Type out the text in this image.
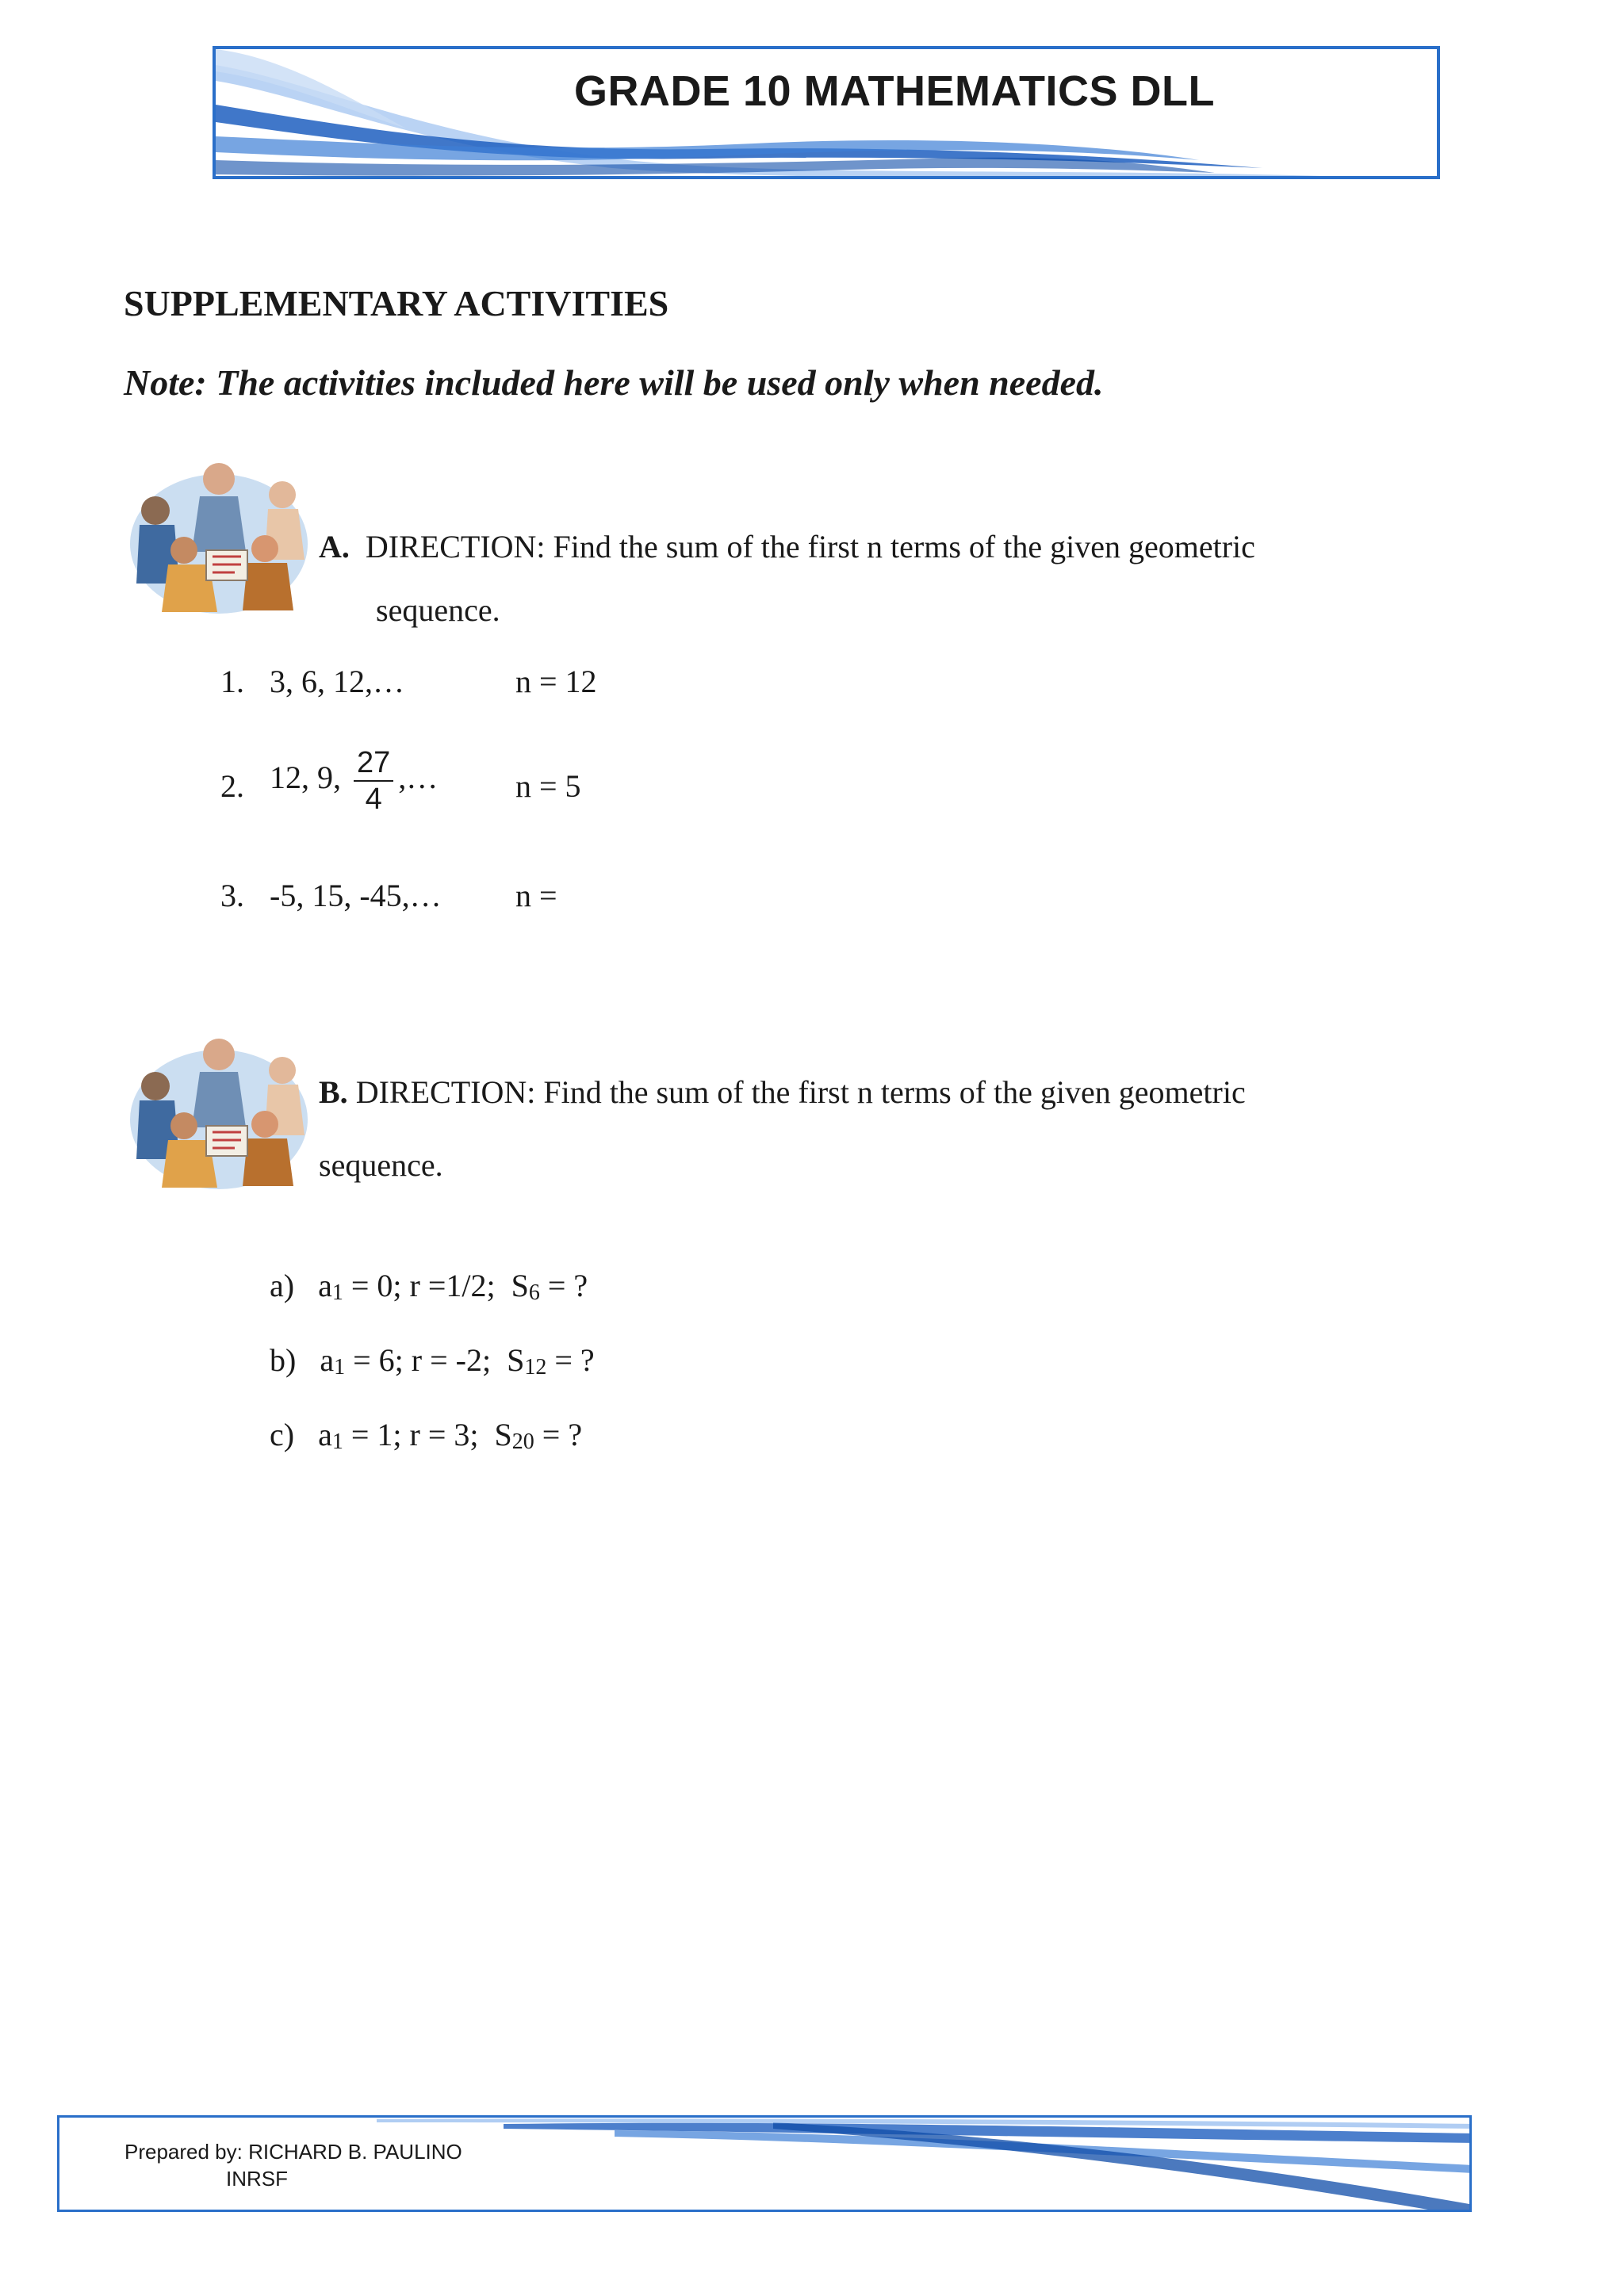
GRADE 10 MATHEMATICS DLL
SUPPLEMENTARY ACTIVITIES
Note: The activities included here will be used only when needed.
A. DIRECTION: Find the sum of the first n terms of the given geometric
sequence.
1. 3, 6, 12,…	n = 12
2. 12, 9, $\frac{27}{4}$ ,… n = 5
3. -5, 15, -45,… n =
B. DIRECTION: Find the sum of the first n terms of the given geometric
sequence.
a) $a_1 = 0$; r =1/2;  $S_6$ = ?
b) $a_1 = 6$; r = -2;  $S_{12}$ = ?
c) $a_1 = 1$; r = 3;  $S_{20}$ = ?
Prepared by: RICHARD B. PAULINO
INRSF
